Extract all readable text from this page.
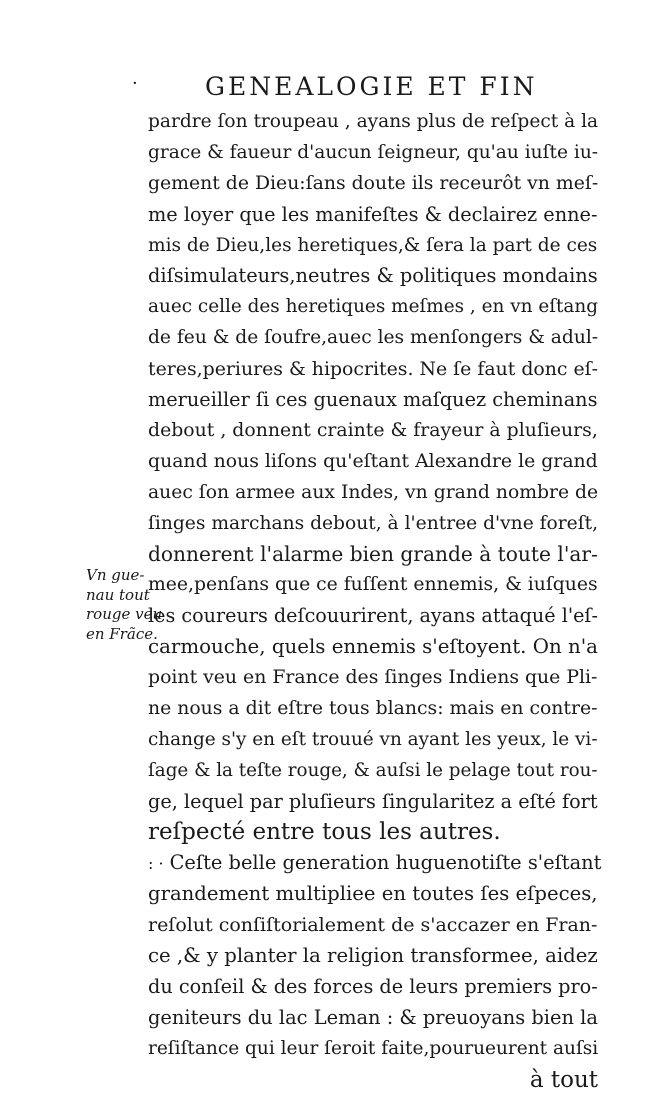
·	GENEALOGIE ET FIN
Vn gue-
nau tout
rouge veu
en Frãce.
pardre ſon troupeau , ayans plus de reſpect à la
grace & faueur d'aucun ſeigneur, qu'au iuſte iu-
gement de Dieu:ſans doute ils receurôt vn meſ-
me loyer que les manifeſtes & declairez enne-
mis de Dieu,les heretiques,& ſera la part de ces
diſsimulateurs,neutres & politiques mondains
auec celle des heretiques meſmes , en vn eſtang
de feu & de ſoufre,auec les menſongers & adul-
teres,periures & hipocrites. Ne ſe faut donc eſ-
merueiller ſi ces guenaux maſquez cheminans
debout , donnent crainte & frayeur à pluſieurs,
quand nous liſons qu'eſtant Alexandre le grand
auec ſon armee aux Indes, vn grand nombre de
ſinges marchans debout, à l'entree d'vne foreſt,
donnerent l'alarme bien grande à toute l'ar-
mee,penſans que ce fuſſent ennemis, & iuſques
les coureurs deſcouurirent, ayans attaqué l'eſ-
carmouche, quels ennemis s'eſtoyent. On n'a
point veu en France des ſinges Indiens que Pli-
ne nous a dit eſtre tous blancs: mais en contre-
change s'y en eſt trouué vn ayant les yeux, le vi-
ſage & la teſte rouge, & auſsi le pelage tout rou-
ge, lequel par pluſieurs ſingularitez a eſté fort
reſpecté entre tous les autres.
: · Ceſte belle generation huguenotiſte s'eſtant
grandement multipliee en toutes ſes eſpeces,
reſolut conſiſtorialement de s'accazer en Fran-
ce ,& y planter la religion transformee, aidez
du conſeil & des forces de leurs premiers pro-
geniteurs du lac Leman : & preuoyans bien la
reſiſtance qui leur ſeroit faite,pourueurent auſsi
à tout
